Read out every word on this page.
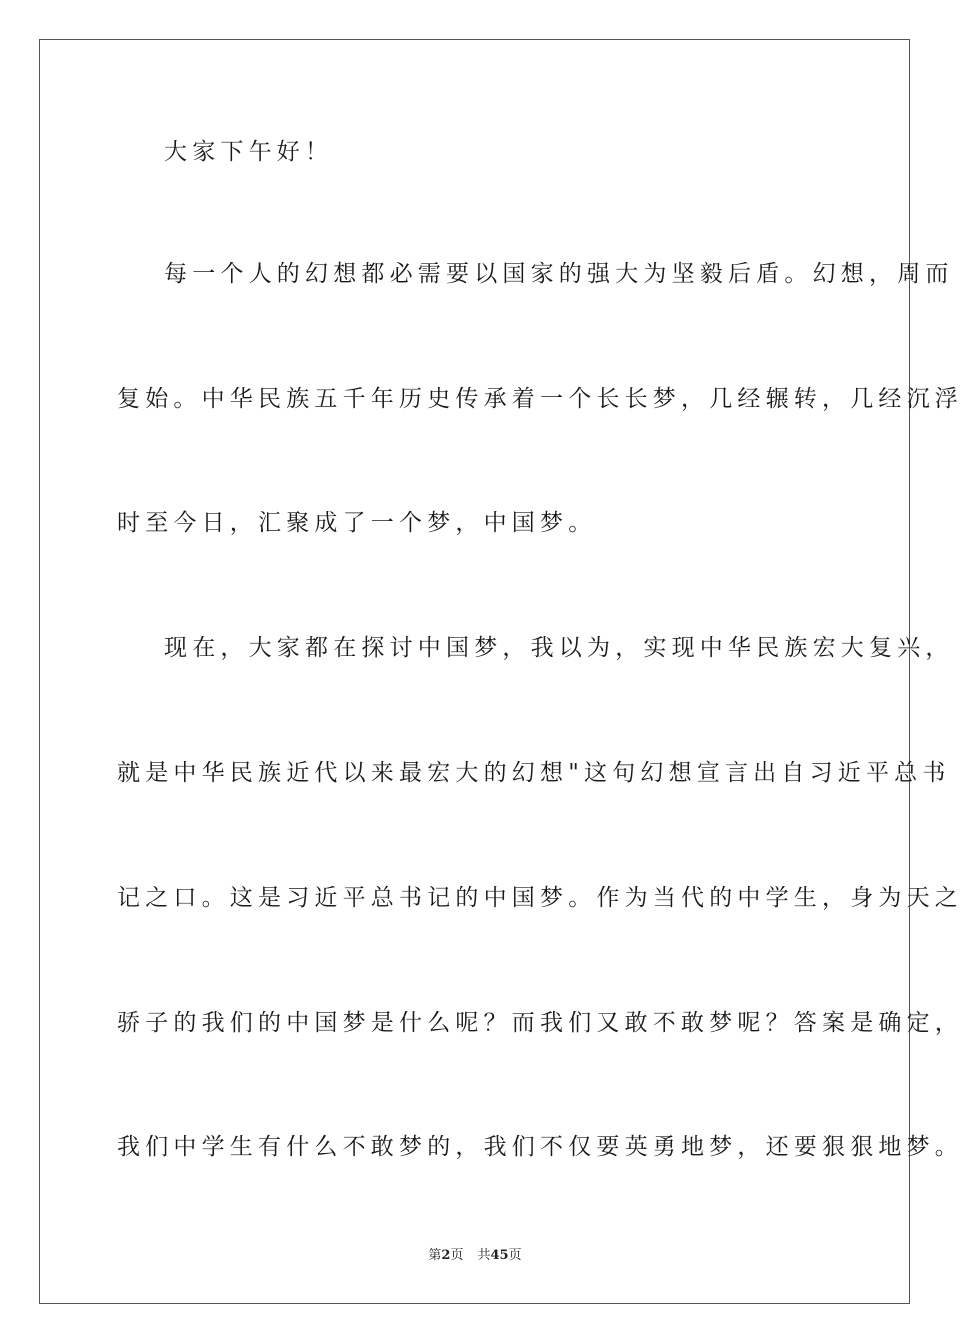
大家下午好！
每一个人的幻想都必需要以国家的强大为坚毅后盾。幻想，周而
复始。中华民族五千年历史传承着一个长长梦，几经辗转，几经沉浮
时至今日，汇聚成了一个梦，中国梦。
现在，大家都在探讨中国梦，我以为，实现中华民族宏大复兴，
就是中华民族近代以来最宏大的幻想"这句幻想宣言出自习近平总书
记之口。这是习近平总书记的中国梦。作为当代的中学生，身为天之
骄子的我们的中国梦是什么呢？而我们又敢不敢梦呢？答案是确定，
我们中学生有什么不敢梦的，我们不仅要英勇地梦，还要狠狠地梦。
第2页 共45页
